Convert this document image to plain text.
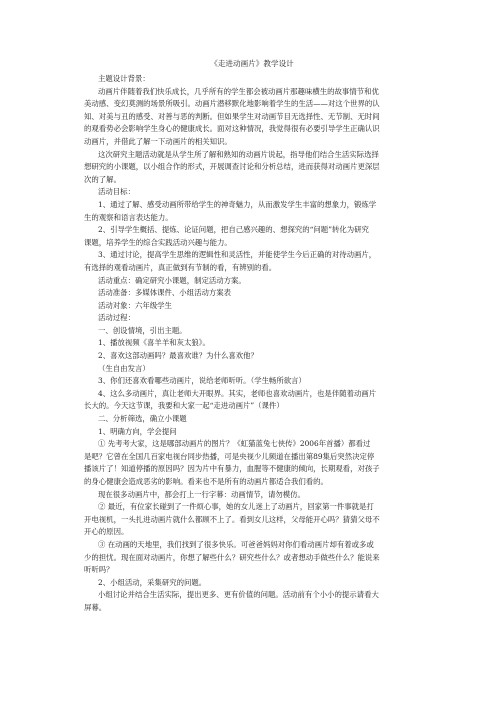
《走进动画片》教学设计

主题设计背景：

动画片伴随着我们快乐成长，几乎所有的学生都会被动画片那趣味横生的故事情节和优

美动感、变幻莫测的场景所吸引。动画片潜移默化地影响着学生的生活——对这个世界的认

知、对美与丑的感受、对善与恶的判断。但如果学生对动画节目无选择性、无节制、无时间

的观看势必会影响学生身心的健康成长。面对这种情况，我觉得很有必要引导学生正确认识

动画片，并借此了解一下动画片的相关知识。

这次研究主题活动就是从学生所了解和熟知的动画片说起，指导他们结合生活实际选择

想研究的小课题，以小组合作的形式，开展调查讨论和分析总结，进而获得对动画片更深层

次的了解。

活动目标：

1、通过了解、感受动画所带给学生的神奇魅力，从而激发学生丰富的想象力，锻炼学

生的观察和语言表达能力。

2、引导学生概括、提炼、论证问题，把自己感兴趣的、想探究的“问题”转化为研究

课题，培养学生的综合实践活动兴趣与能力。

3、通过讨论，提高学生思维的逻辑性和灵活性，并能使学生今后正确的对待动画片，

有选择的观看动画片，真正做到有节制的看，有辨别的看。

活动重点：确定研究小课题，制定活动方案。

活动准备：多媒体课件、小组活动方案表

活动对象：六年级学生

活动过程：

一、创设情境，引出主题。

1、播放视频《喜羊羊和灰太狼》。

2、喜欢这部动画吗？最喜欢谁？为什么喜欢他？

（生自由发言）

3、你们还喜欢看哪些动画片，说给老师听听。（学生畅所欲言）

4、这么多动画片，真让老师大开眼界。其实，老师也喜欢动画片，也是伴随着动画片

长大的。今天这节课，我要和大家一起“走进动画片”（课件）

二、分析筛选，确立小课题

1、明确方向，学会提问

① 先考考大家，这是哪部动画片的图片？《虹猫蓝兔七侠传》2006年首播）都看过

是吧？它曾在全国几百家电视台同步热播，可是央视少儿频道在播出第89集后突然决定停

播该片了！知道停播的原因吗？因为片中有暴力，血腥等不健康的倾向，长期观看，对孩子

的身心健康会造成恶劣的影响。看来也不是所有的动画片都适合我们看的。

现在很多动画片中，都会打上一行字幕：动画情节，请勿模仿。

② 最近，有位家长碰到了一件烦心事，她的女儿迷上了动画片，回家第一件事就是打

开电视机，一头扎进动画片就什么都顾不上了。看到女儿这样，父母能开心吗？猜猜父母不

开心的原因。

③ 在动画的天地里，我们找到了很多快乐。可爸爸妈妈对你们看动画片却有着或多或

少的担忧。现在面对动画片，你想了解些什么？研究些什么？或者想动手做些什么？能说来

听听吗？

2、小组活动，采集研究的问题。

小组讨论并结合生活实际，提出更多、更有价值的问题。活动前有个小小的提示请看大

屏幕。
